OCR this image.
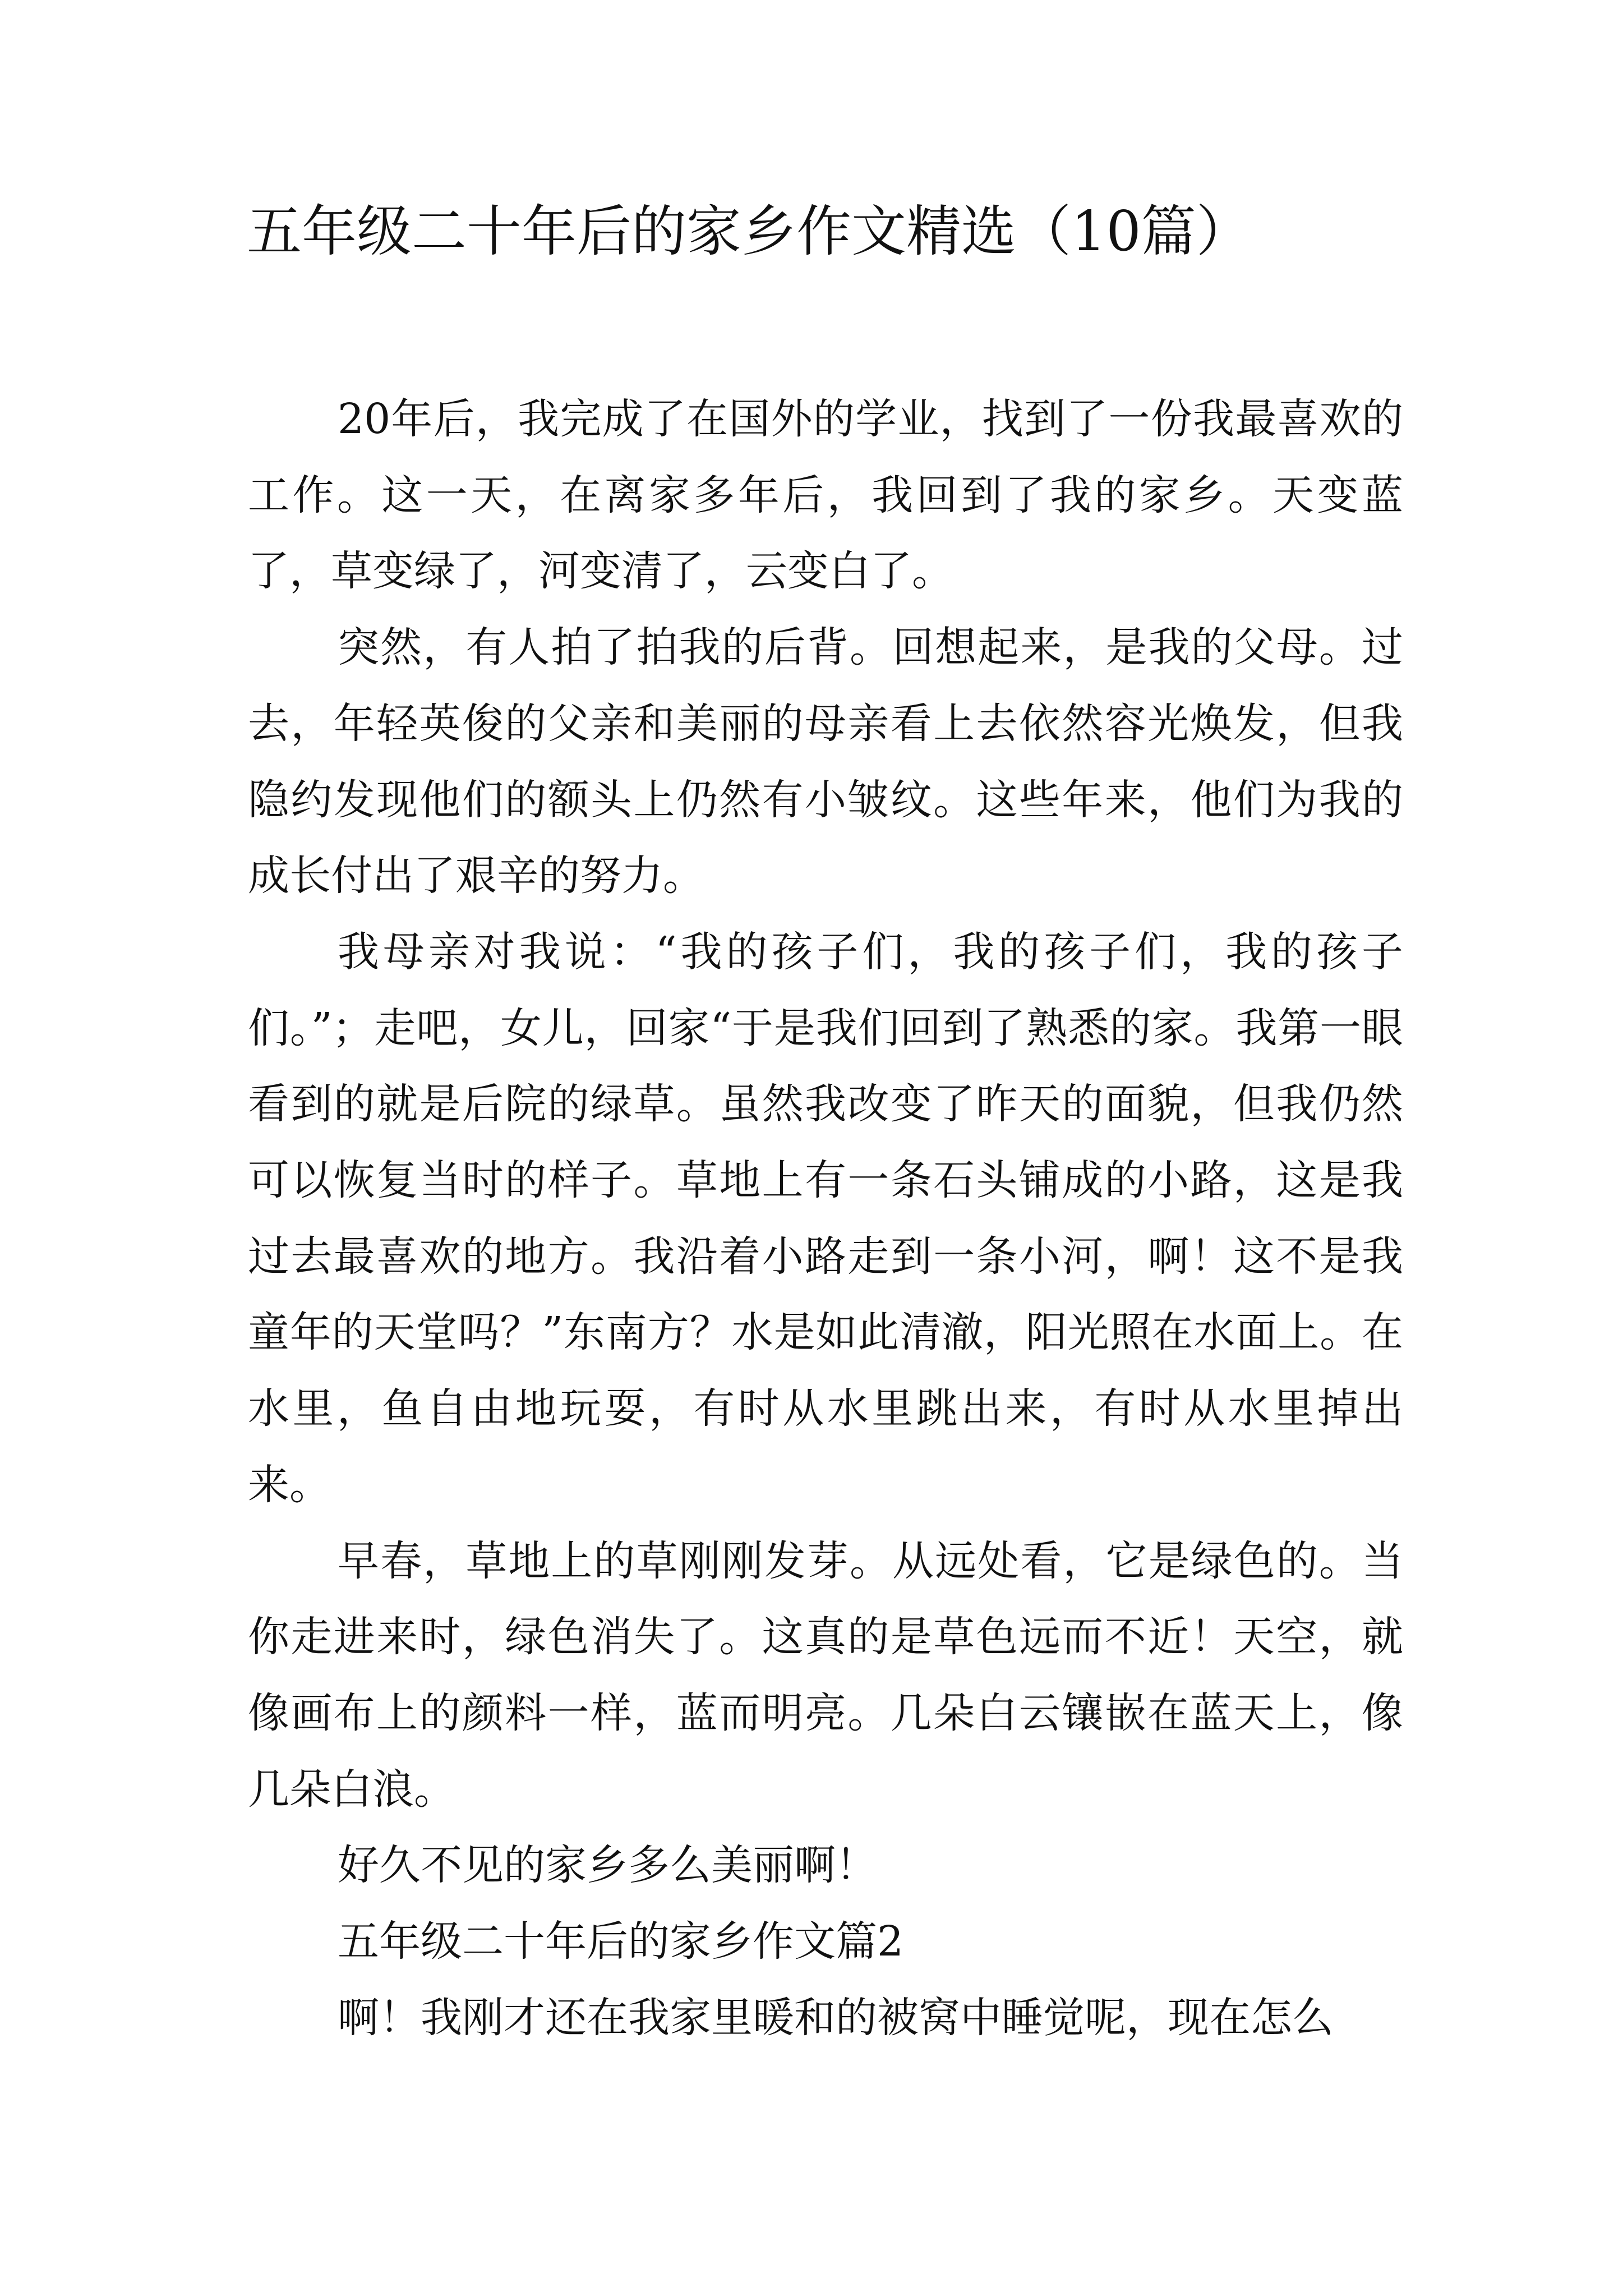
五年级二十年后的家乡作文精选（10篇）

20年后，我完成了在国外的学业，找到了一份我最喜欢的工作。这一天，在离家多年后，我回到了我的家乡。天变蓝了，草变绿了，河变清了，云变白了。

突然，有人拍了拍我的后背。回想起来，是我的父母。过去，年轻英俊的父亲和美丽的母亲看上去依然容光焕发，但我隐约发现他们的额头上仍然有小皱纹。这些年来，他们为我的成长付出了艰辛的努力。

我母亲对我说：“我的孩子们，我的孩子们，我的孩子们。”；走吧，女儿，回家“于是我们回到了熟悉的家。我第一眼看到的就是后院的绿草。虽然我改变了昨天的面貌，但我仍然可以恢复当时的样子。草地上有一条石头铺成的小路，这是我过去最喜欢的地方。我沿着小路走到一条小河，啊！这不是我童年的天堂吗？”东南方？水是如此清澈，阳光照在水面上。在水里，鱼自由地玩耍，有时从水里跳出来，有时从水里掉出来。

早春，草地上的草刚刚发芽。从远处看，它是绿色的。当你走进来时，绿色消失了。这真的是草色远而不近！天空，就像画布上的颜料一样，蓝而明亮。几朵白云镶嵌在蓝天上，像几朵白浪。

好久不见的家乡多么美丽啊！

五年级二十年后的家乡作文篇2

啊！我刚才还在我家里暖和的被窝中睡觉呢，现在怎么
